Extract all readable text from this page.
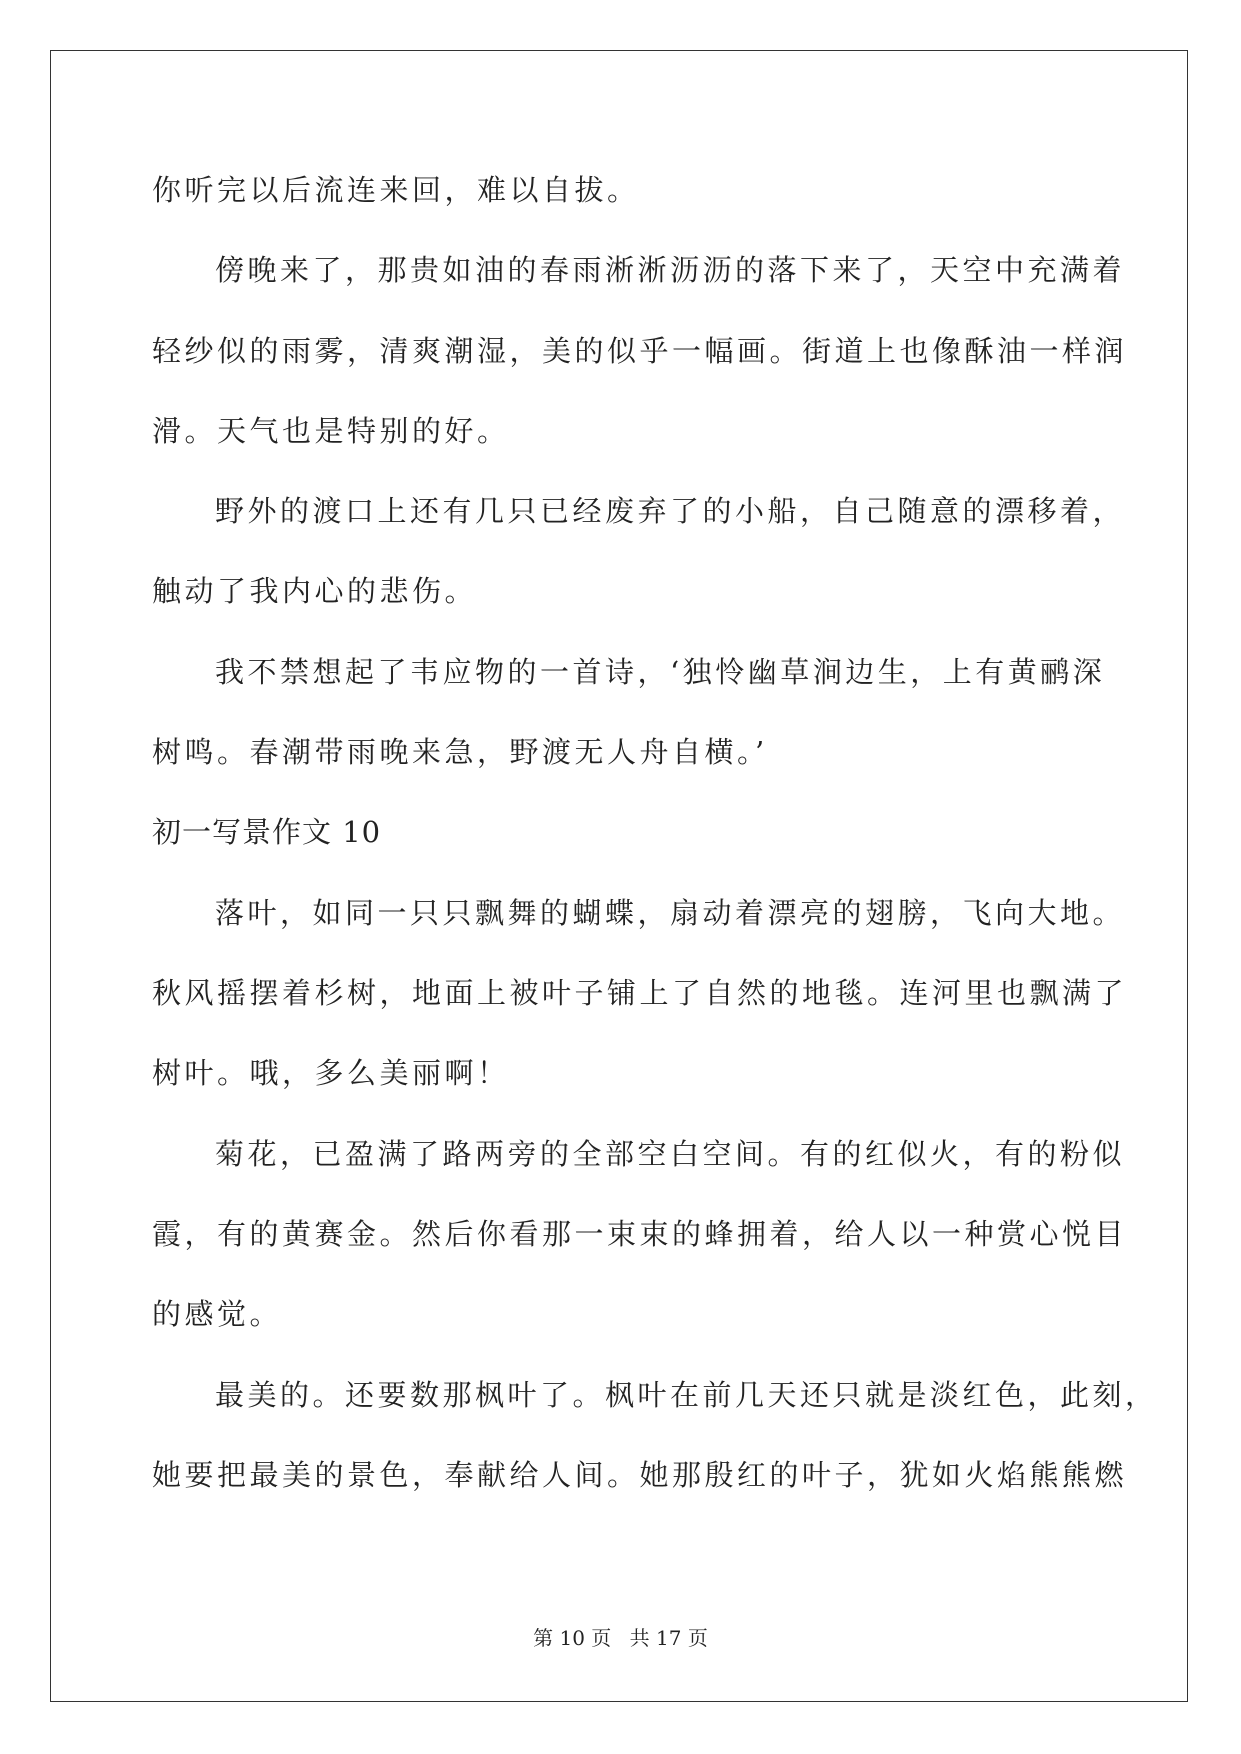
你听完以后流连来回，难以自拔。
傍晚来了，那贵如油的春雨淅淅沥沥的落下来了，天空中充满着
轻纱似的雨雾，清爽潮湿，美的似乎一幅画。街道上也像酥油一样润
滑。天气也是特别的好。
野外的渡口上还有几只已经废弃了的小船，自己随意的漂移着，
触动了我内心的悲伤。
我不禁想起了韦应物的一首诗，‘独怜幽草涧边生，上有黄鹂深
树鸣。春潮带雨晚来急，野渡无人舟自横。’
初一写景作文 10
落叶，如同一只只飘舞的蝴蝶，扇动着漂亮的翅膀，飞向大地。
秋风摇摆着杉树，地面上被叶子铺上了自然的地毯。连河里也飘满了
树叶。哦，多么美丽啊！
菊花，已盈满了路两旁的全部空白空间。有的红似火，有的粉似
霞，有的黄赛金。然后你看那一束束的蜂拥着，给人以一种赏心悦目
的感觉。
最美的。还要数那枫叶了。枫叶在前几天还只就是淡红色，此刻，
她要把最美的景色，奉献给人间。她那殷红的叶子，犹如火焰熊熊燃
第 10 页 共 17 页
